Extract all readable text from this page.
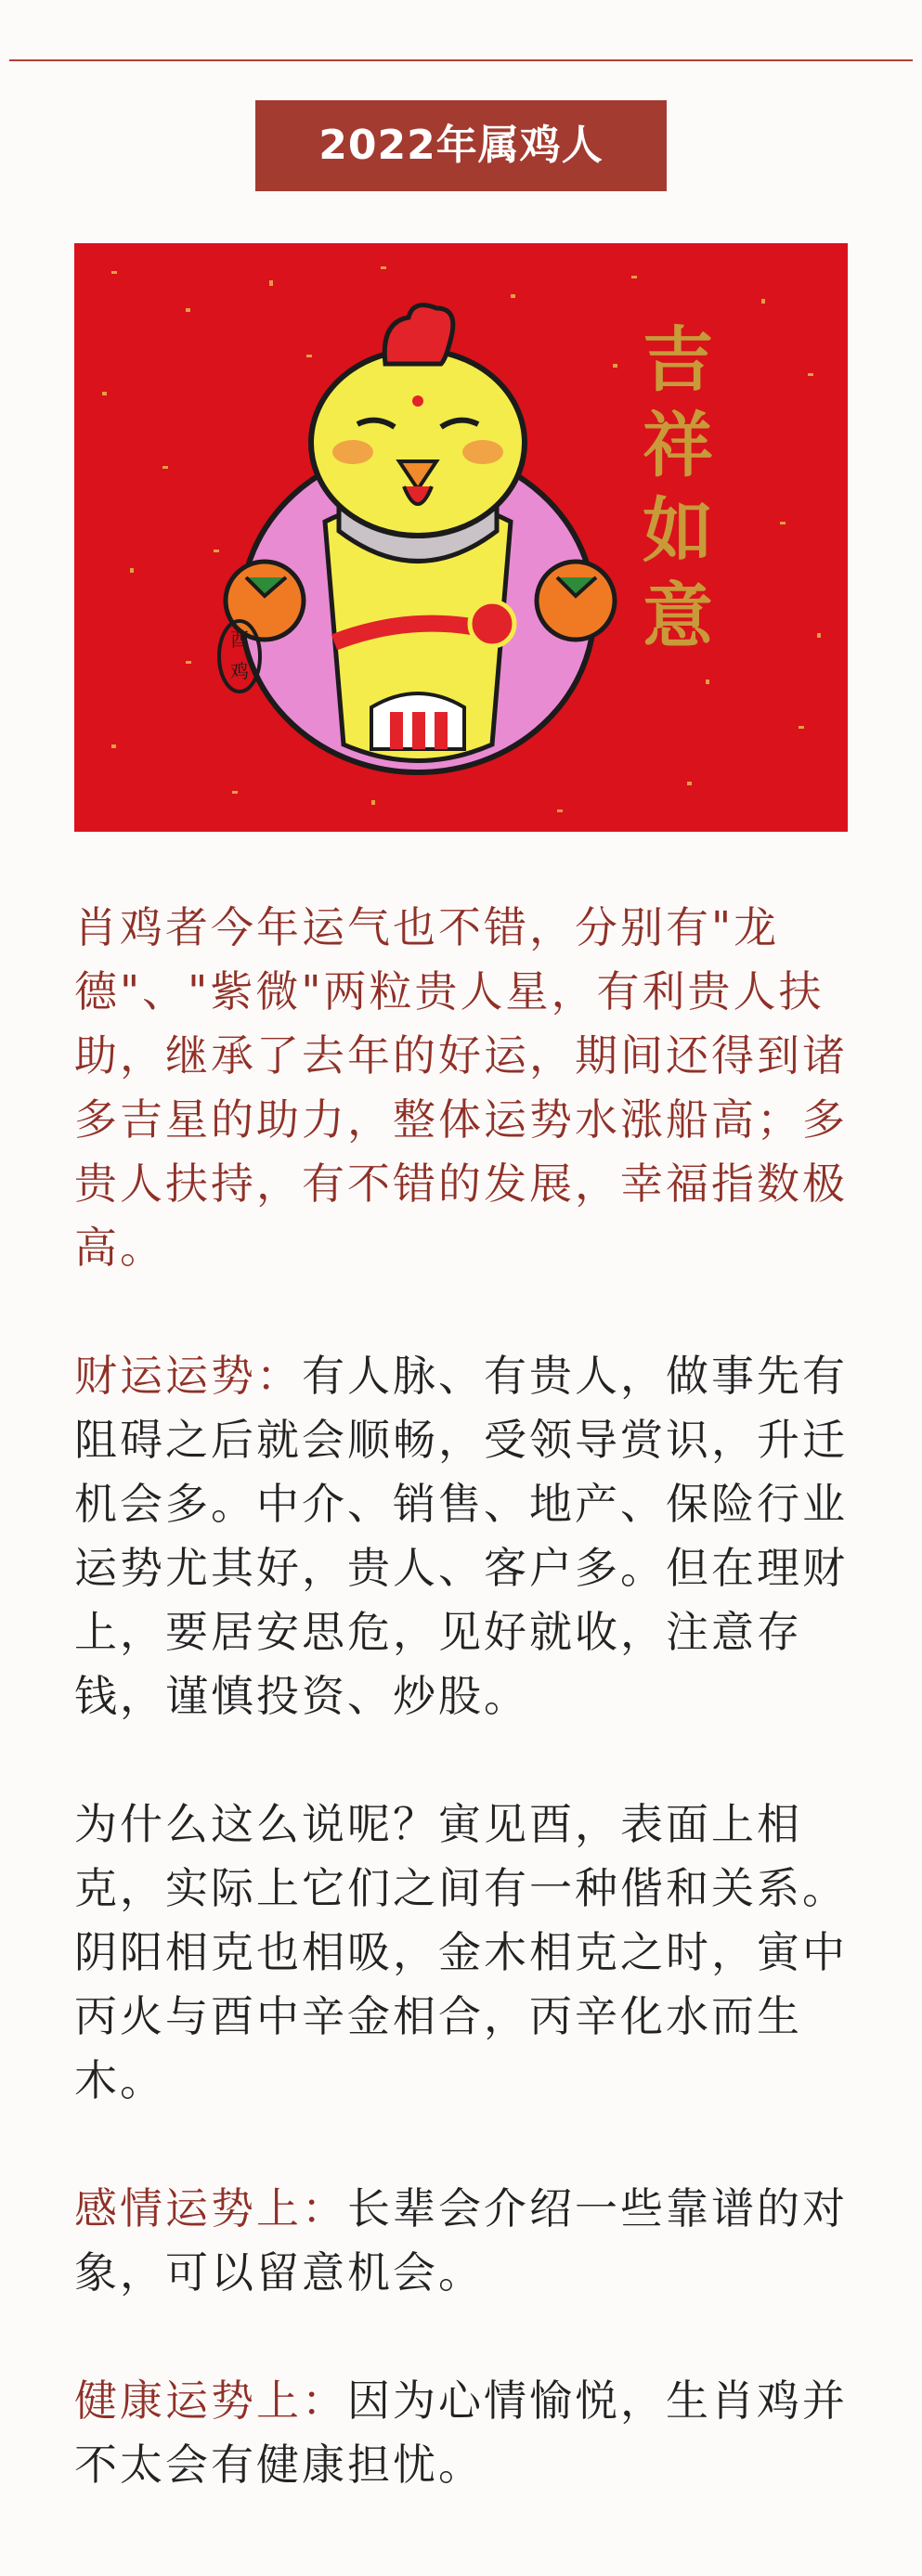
2022年属鸡人
酉鸡
吉祥如意

肖鸡者今年运气也不错，分别有"龙德"、"紫微"两粒贵人星，有利贵人扶助，继承了去年的好运，期间还得到诸多吉星的助力，整体运势水涨船高；多贵人扶持，有不错的发展，幸福指数极高。

财运运势：有人脉、有贵人，做事先有阻碍之后就会顺畅，受领导赏识，升迁机会多。中介、销售、地产、保险行业运势尤其好，贵人、客户多。但在理财上，要居安思危，见好就收，注意存钱，谨慎投资、炒股。

为什么这么说呢？寅见酉，表面上相克，实际上它们之间有一种偕和关系。阴阳相克也相吸，金木相克之时，寅中丙火与酉中辛金相合，丙辛化水而生木。

感情运势上：长辈会介绍一些靠谱的对象，可以留意机会。

健康运势上：因为心情愉悦，生肖鸡并不太会有健康担忧。
